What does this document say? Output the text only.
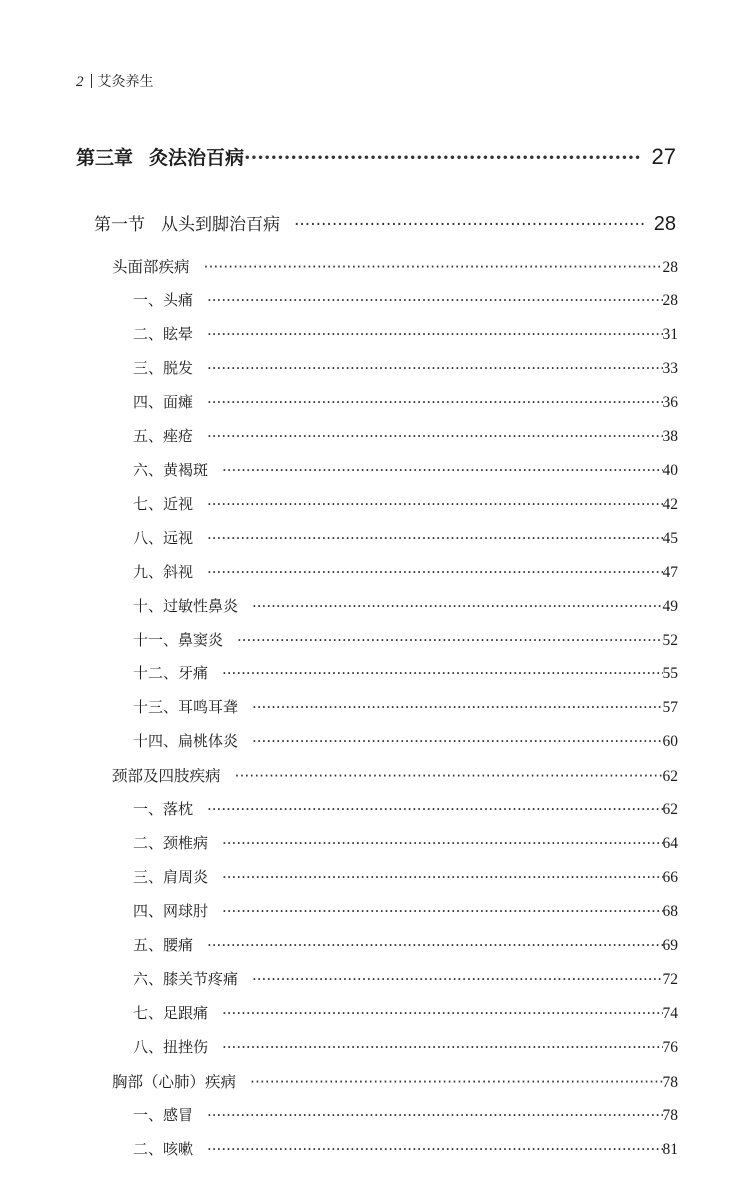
2 艾灸养生
第三章 灸法治百病 ·····	27
第一节 从头到脚治百病 ·····	28
头面部疾病 ·····	28
一、头痛 ·····	28
二、眩晕 ·····	31
三、脱发 ·····	33
四、面瘫 ·····	36
五、痤疮 ·····	38
六、黄褐斑 ·····	40
七、近视 ·····	42
八、远视 ·····	45
九、斜视 ·····	47
十、过敏性鼻炎 ·····	49
十一、鼻窦炎 ·····	52
十二、牙痛 ·····	55
十三、耳鸣耳聋 ·····	57
十四、扁桃体炎 ·····	60
颈部及四肢疾病 ·····	62
一、落枕 ·····	62
二、颈椎病 ·····	64
三、肩周炎 ·····	66
四、网球肘 ·····	68
五、腰痛 ·····	69
六、膝关节疼痛 ·····	72
七、足跟痛 ·····	74
八、扭挫伤 ·····	76
胸部（心肺）疾病 ·····	78
一、感冒 ·····	78
二、咳嗽 ·····	81
